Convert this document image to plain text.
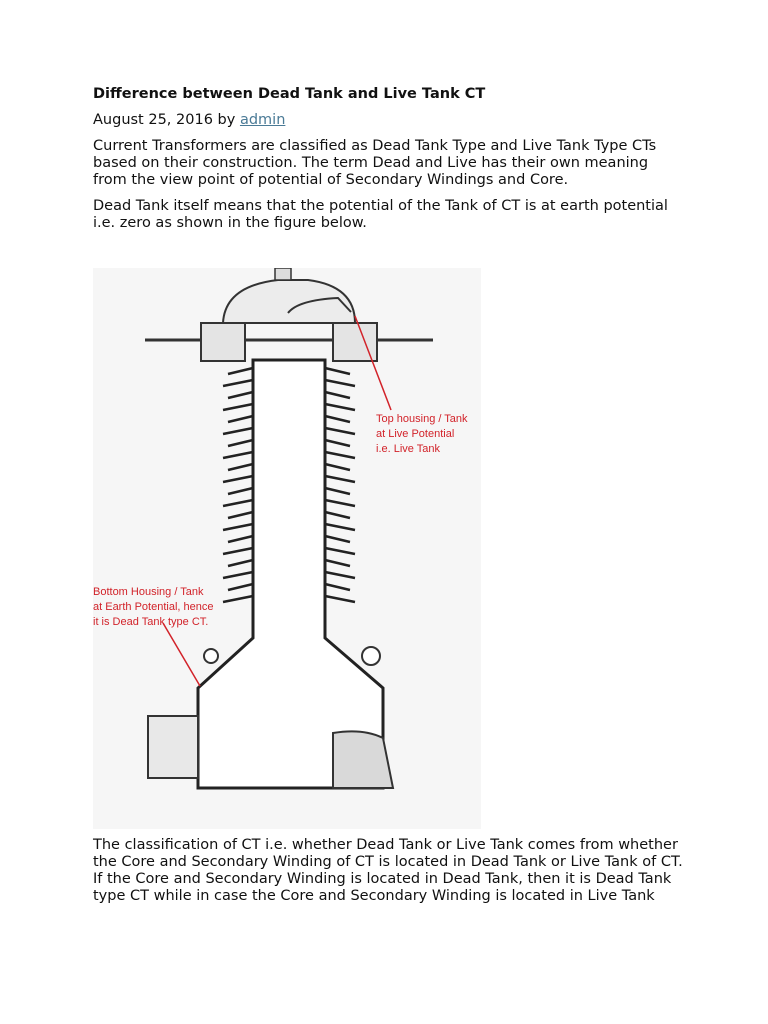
Difference between Dead Tank and Live Tank CT
August 25, 2016 by admin
Current Transformers are classified as Dead Tank Type and Live Tank Type CTs based on their construction. The term Dead and Live has their own meaning from the view point of potential of Secondary Windings and Core.
Dead Tank itself means that the potential of the Tank of CT is at earth potential i.e. zero as shown in the figure below.
Top housing / Tank
at Live Potential
i.e. Live Tank
Bottom Housing / Tank
at Earth Potential, hence
it is Dead Tank type CT.
The classification of CT i.e. whether Dead Tank or Live Tank comes from whether the Core and Secondary Winding of CT is located in Dead Tank or Live Tank of CT. If the Core and Secondary Winding is located in Dead Tank, then it is Dead Tank type CT while in case the Core and Secondary Winding is located in Live Tank
